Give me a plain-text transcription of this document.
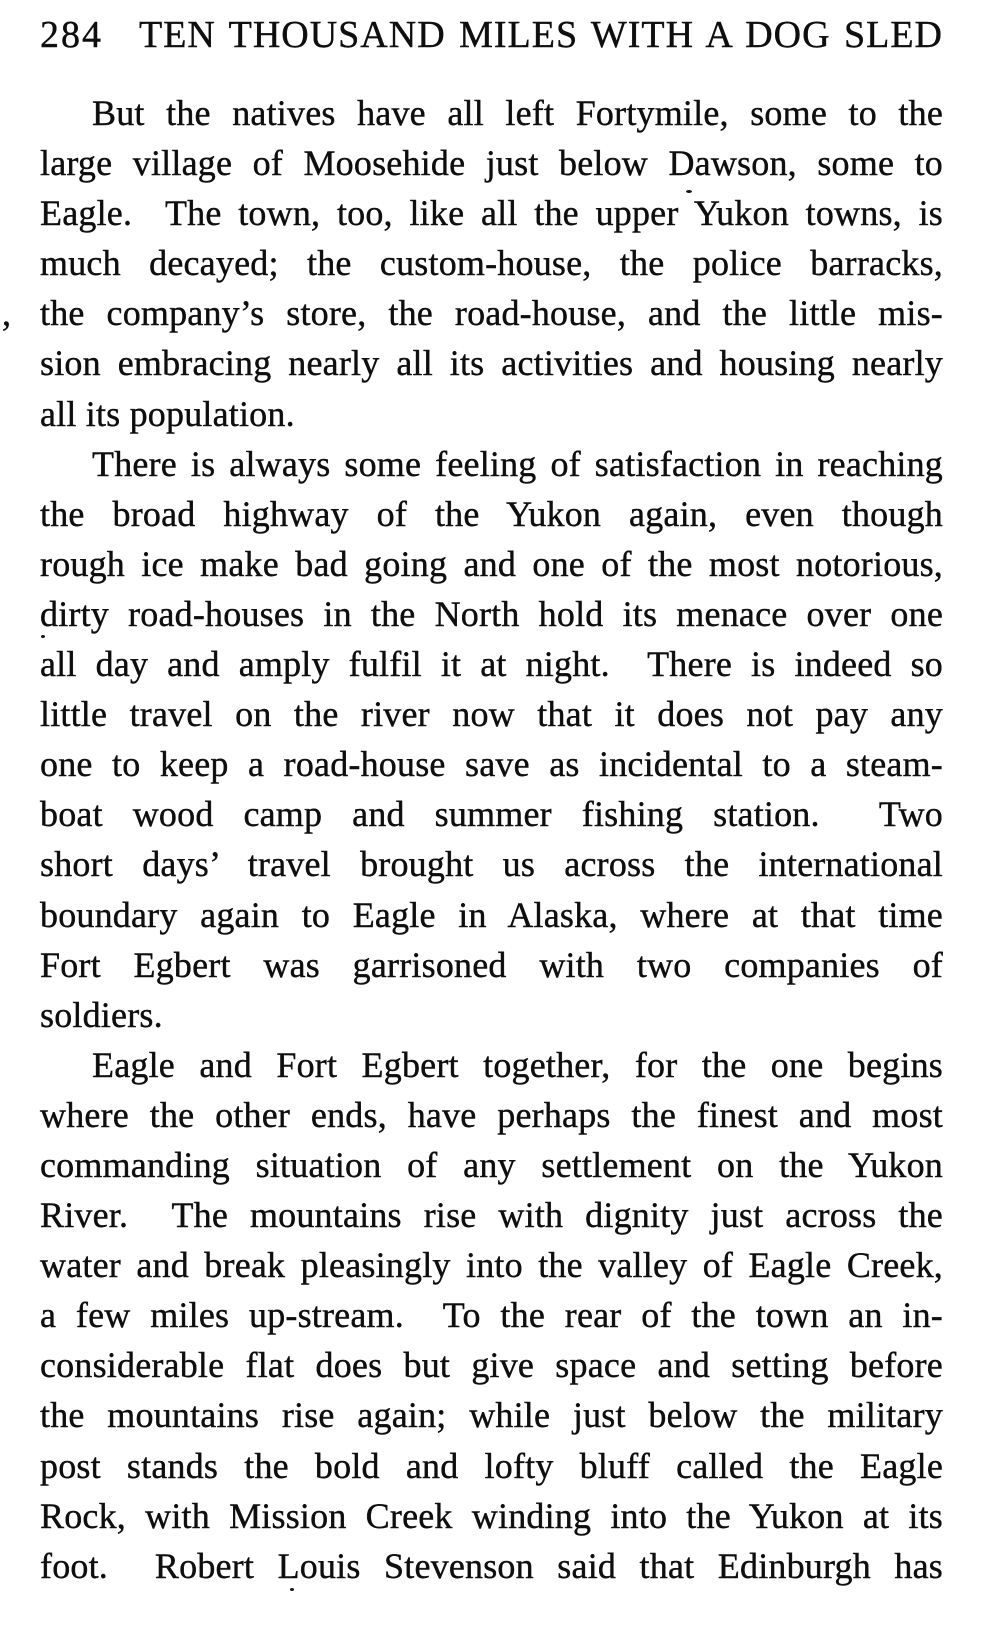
284 TEN THOUSAND MILES WITH A DOG SLED
But the natives have all left Fortymile, some to the
large village of Moosehide just below Dawson, some to
Eagle.  The town, too, like all the upper Yukon towns, is
much decayed; the custom-house, the police barracks,
the company’s store, the road-house, and the little mis-
sion embracing nearly all its activities and housing nearly
all its population.
There is always some feeling of satisfaction in reaching
the broad highway of the Yukon again, even though
rough ice make bad going and one of the most notorious,
dirty road-houses in the North hold its menace over one
all day and amply fulfil it at night.  There is indeed so
little travel on the river now that it does not pay any
one to keep a road-house save as incidental to a steam-
boat wood camp and summer fishing station.  Two
short days’ travel brought us across the international
boundary again to Eagle in Alaska, where at that time
Fort Egbert was garrisoned with two companies of
soldiers.
Eagle and Fort Egbert together, for the one begins
where the other ends, have perhaps the finest and most
commanding situation of any settlement on the Yukon
River.  The mountains rise with dignity just across the
water and break pleasingly into the valley of Eagle Creek,
a few miles up-stream.  To the rear of the town an in-
considerable flat does but give space and setting before
the mountains rise again; while just below the military
post stands the bold and lofty bluff called the Eagle
Rock, with Mission Creek winding into the Yukon at its
foot.  Robert Louis Stevenson said that Edinburgh has
,
